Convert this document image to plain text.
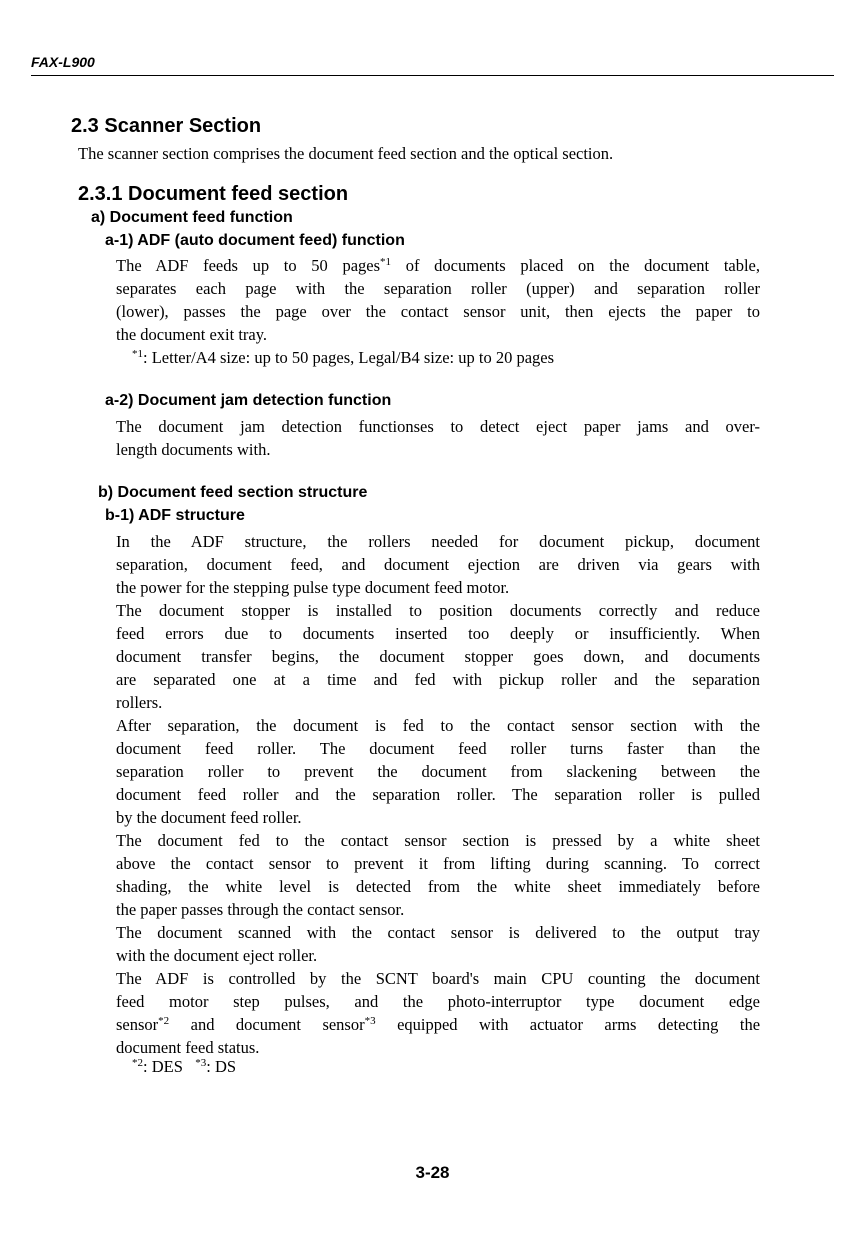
FAX-L900
2.3 Scanner Section
The scanner section comprises the document feed section and the optical section.
2.3.1 Document feed section
a) Document feed function
a-1) ADF (auto document feed) function
The ADF feeds up to 50 pages$^{*1}$ of documents placed on the document table,
separates each page with the separation roller (upper) and separation roller
(lower), passes the page over the contact sensor unit, then ejects the paper to
the document exit tray.
$^{*1}$: Letter/A4 size: up to 50 pages, Legal/B4 size: up to 20 pages
a-2) Document jam detection function
The document jam detection functionses to detect eject paper jams and over-
length documents with.
b) Document feed section structure
b-1) ADF structure
In the ADF structure, the rollers needed for document pickup, document
separation, document feed, and document ejection are driven via gears with
the power for the stepping pulse type document feed motor.
The document stopper is installed to position documents correctly and reduce
feed errors due to documents inserted too deeply or insufficiently. When
document transfer begins, the document stopper goes down, and documents
are separated one at a time and fed with pickup roller and the separation
rollers.
After separation, the document is fed to the contact sensor section with the
document feed roller. The document feed roller turns faster than the
separation roller to prevent the document from slackening between the
document feed roller and the separation roller. The separation roller is pulled
by the document feed roller.
The document fed to the contact sensor section is pressed by a white sheet
above the contact sensor to prevent it from lifting during scanning. To correct
shading, the white level is detected from the white sheet immediately before
the paper passes through the contact sensor.
The document scanned with the contact sensor is delivered to the output tray
with the document eject roller.
The ADF is controlled by the SCNT board's main CPU counting the document
feed motor step pulses, and the photo-interruptor type document edge
sensor$^{*2}$ and document sensor$^{*3}$ equipped with actuator arms detecting the
document feed status.
$^{*2}$: DES $^{*3}$: DS
3-28
